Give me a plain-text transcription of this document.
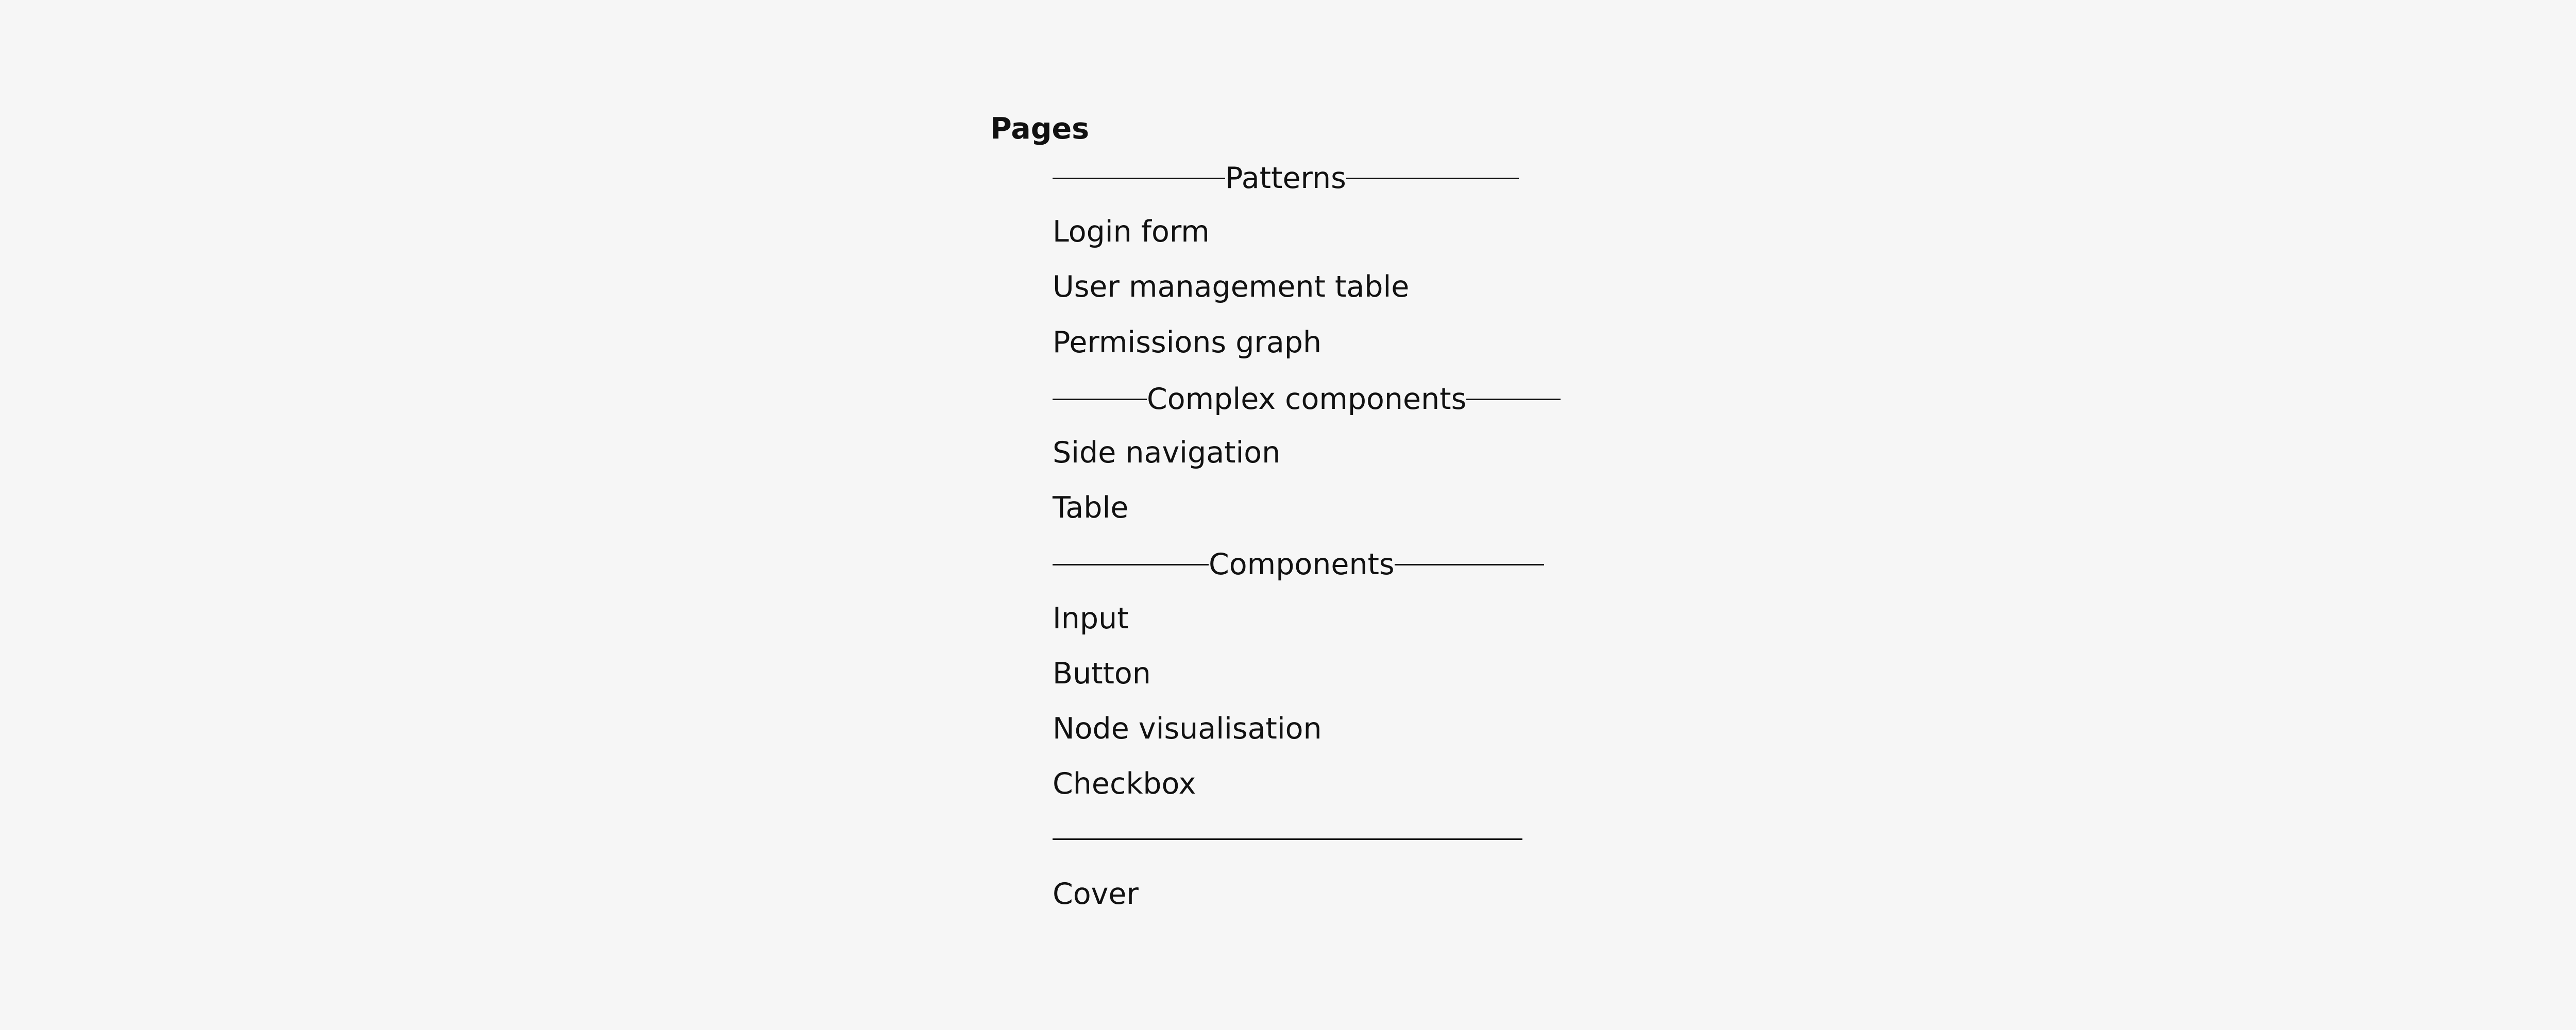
Pages
Patterns
Login form
User management table
Permissions graph
Complex components
Side navigation
Table
Components
Input
Button
Node visualisation
Checkbox
Cover
